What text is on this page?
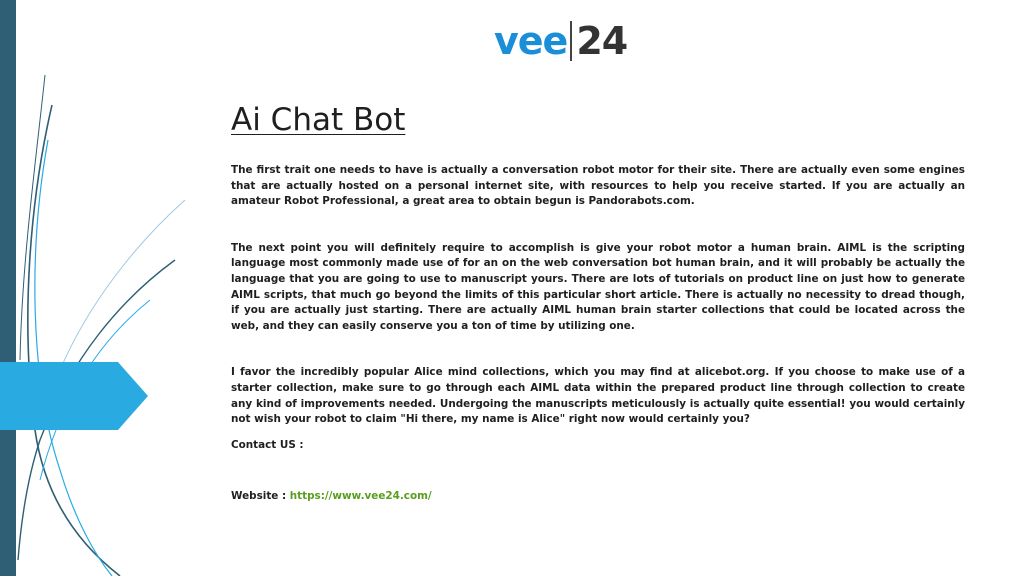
vee 24
Ai Chat Bot

The first trait one needs to have is actually a conversation robot motor for their site. There are actually even some engines that are actually hosted on a personal internet site, with resources to help you receive started. If you are actually an amateur Robot Professional, a great area to obtain begun is Pandorabots.com.

The next point you will definitely require to accomplish is give your robot motor a human brain. AIML is the scripting language most commonly made use of for an on the web conversation bot human brain, and it will probably be actually the language that you are going to use to manuscript yours. There are lots of tutorials on product line on just how to generate AIML scripts, that much go beyond the limits of this particular short article. There is actually no necessity to dread though, if you are actually just starting. There are actually AIML human brain starter collections that could be located across the web, and they can easily conserve you a ton of time by utilizing one.

I favor the incredibly popular Alice mind collections, which you may find at alicebot.org. If you choose to make use of a starter collection, make sure to go through each AIML data within the prepared product line through collection to create any kind of improvements needed. Undergoing the manuscripts meticulously is actually quite essential! you would certainly not wish your robot to claim "Hi there, my name is Alice" right now would certainly you?

Contact US :

Website : https://www.vee24.com/
